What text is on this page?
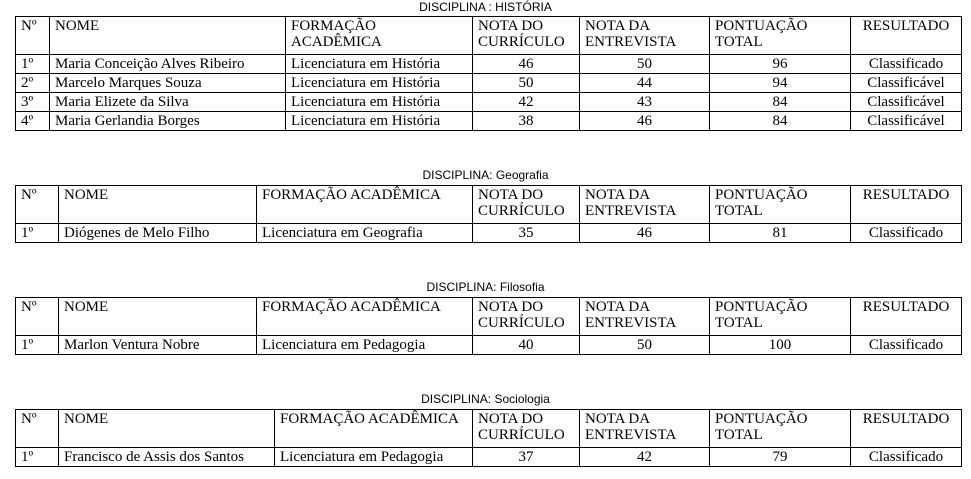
DISCIPLINA : HISTÓRIA
Nº	NOME	FORMAÇÃO ACADÊMICA	NOTA DO CURRÍCULO	NOTA DA ENTREVISTA	PONTUAÇÃO TOTAL	RESULTADO
1º	Maria Conceição Alves Ribeiro	Licenciatura em História	46	50	96	Classificado
2º	Marcelo Marques Souza	Licenciatura em História	50	44	94	Classificável
3º	Maria Elizete da Silva	Licenciatura em História	42	43	84	Classificável
4º	Maria Gerlandia Borges	Licenciatura em História	38	46	84	Classificável
DISCIPLINA: Geografia
Nº	NOME	FORMAÇÃO ACADÊMICA	NOTA DO CURRÍCULO	NOTA DA ENTREVISTA	PONTUAÇÃO TOTAL	RESULTADO
1º	Diógenes de Melo Filho	Licenciatura em Geografia	35	46	81	Classificado
DISCIPLINA: Filosofia
Nº	NOME	FORMAÇÃO ACADÊMICA	NOTA DO CURRÍCULO	NOTA DA ENTREVISTA	PONTUAÇÃO TOTAL	RESULTADO
1º	Marlon Ventura Nobre	Licenciatura em Pedagogia	40	50	100	Classificado
DISCIPLINA: Sociologia
Nº	NOME	FORMAÇÃO ACADÊMICA	NOTA DO CURRÍCULO	NOTA DA ENTREVISTA	PONTUAÇÃO TOTAL	RESULTADO
1º	Francisco de Assis dos Santos	Licenciatura em Pedagogia	37	42	79	Classificado
